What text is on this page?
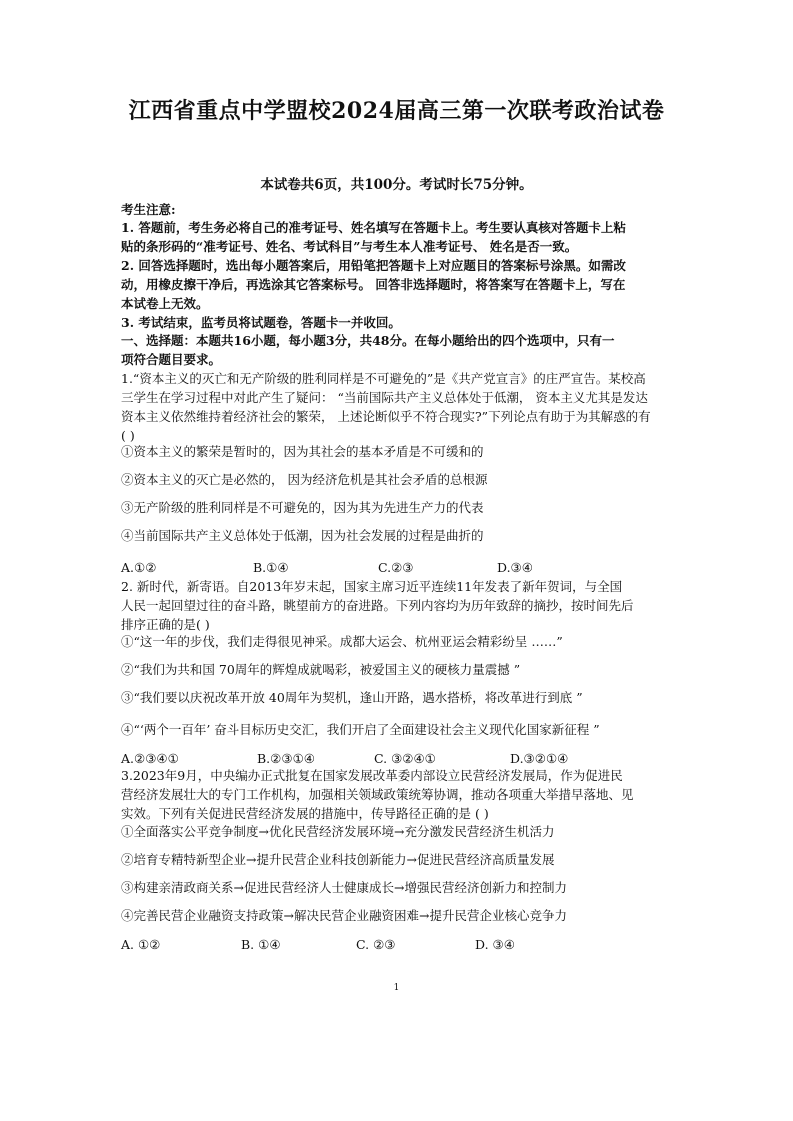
江西省重点中学盟校2024届高三第一次联考政治试卷
本试卷共6页，共100分。考试时长75分钟。
考生注意:
1. 答题前，考生务必将自己的准考证号、姓名填写在答题卡上。考生要认真核对答题卡上粘
贴的条形码的“准考证号、姓名、考试科目”与考生本人准考证号、 姓名是否一致。
2. 回答选择题时，选出每小题答案后，用铅笔把答题卡上对应题目的答案标号涂黑。如需改
动，用橡皮擦干净后，再选涂其它答案标号。 回答非选择题时，将答案写在答题卡上，写在
本试卷上无效。
3. 考试结束，监考员将试题卷，答题卡一并收回。
一、选择题：本题共16小题，每小题3分，共48分。在每小题给出的四个选项中，只有一
项符合题目要求。
1.“资本主义的灭亡和无产阶级的胜利同样是不可避免的”是《共产党宣言》的庄严宣告。某校高
三学生在学习过程中对此产生了疑问： “当前国际共产主义总体处于低潮， 资本主义尤其是发达
资本主义依然维持着经济社会的繁荣， 上述论断似乎不符合现实?”下列论点有助于为其解惑的有
( )
①资本主义的繁荣是暂时的，因为其社会的基本矛盾是不可缓和的
②资本主义的灭亡是必然的， 因为经济危机是其社会矛盾的总根源
③无产阶级的胜利同样是不可避免的，因为其为先进生产力的代表
④当前国际共产主义总体处于低潮，因为社会发展的过程是曲折的
A.①②	B.①④	C.②③	D.③④
2. 新时代，新寄语。自2013年岁末起，国家主席习近平连续11年发表了新年贺词，与全国
人民一起回望过往的奋斗路，眺望前方的奋进路。下列内容均为历年致辞的摘抄，按时间先后
排序正确的是( )
①“这一年的步伐，我们走得很见神采。成都大运会、杭州亚运会精彩纷呈 ……”
②“我们为共和国 70周年的辉煌成就喝彩，被爱国主义的硬核力量震撼 ”
③“我们要以庆祝改革开放 40周年为契机，逢山开路，遇水搭桥，将改革进行到底 ”
④“‘两个一百年’ 奋斗目标历史交汇，我们开启了全面建设社会主义现代化国家新征程 ”
A.②③④①	B.②③①④	C. ③②④①	D.③②①④
3.2023年9月，中央编办正式批复在国家发展改革委内部设立民营经济发展局，作为促进民
营经济发展壮大的专门工作机构，加强相关领域政策统筹协调，推动各项重大举措早落地、见
实效。下列有关促进民营经济发展的措施中，传导路径正确的是 ( )
①全面落实公平竞争制度→优化民营经济发展环境→充分激发民营经济生机活力
②培育专精特新型企业→提升民营企业科技创新能力→促进民营经济高质量发展
③构建亲清政商关系→促进民营经济人士健康成长→增强民营经济创新力和控制力
④完善民营企业融资支持政策→解决民营企业融资困难→提升民营企业核心竞争力
A. ①②	B. ①④	C. ②③	D. ③④
1
